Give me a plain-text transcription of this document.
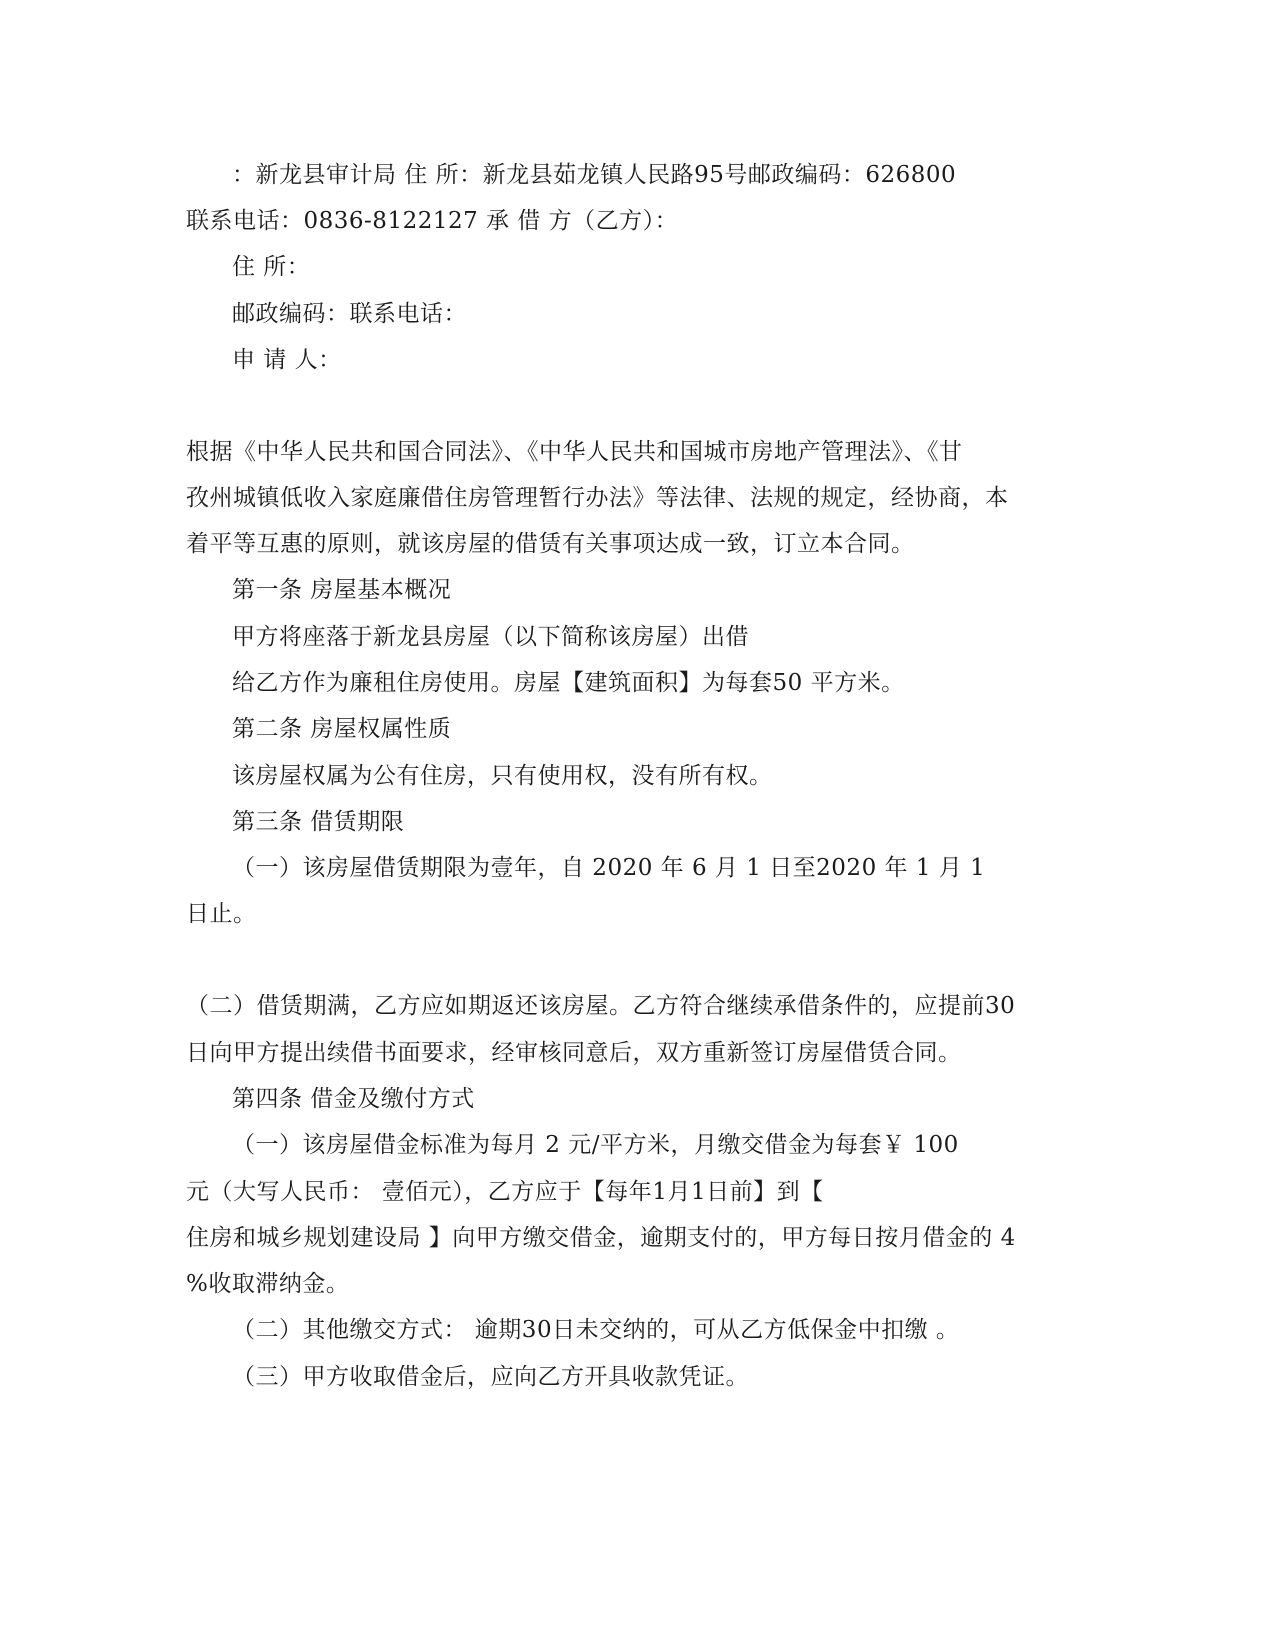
：新龙县审计局 住 所：新龙县茹龙镇人民路95号邮政编码：626800
联系电话：0836-8122127 承 借 方（乙方）：
住 所：
邮政编码：联系电话：
申 请 人：
根据《中华人民共和国合同法》、《中华人民共和国城市房地产管理法》、《甘
孜州城镇低收入家庭廉借住房管理暂行办法》等法律、法规的规定，经协商，本
着平等互惠的原则，就该房屋的借赁有关事项达成一致，订立本合同。
第一条 房屋基本概况
甲方将座落于新龙县房屋（以下简称该房屋）出借
给乙方作为廉租住房使用。房屋【建筑面积】为每套50 平方米。
第二条 房屋权属性质
该房屋权属为公有住房，只有使用权，没有所有权。
第三条 借赁期限
（一）该房屋借赁期限为壹年，自 2020 年 6 月 1 日至2020 年 1 月 1
日止。
（二）借赁期满，乙方应如期返还该房屋。乙方符合继续承借条件的，应提前30
日向甲方提出续借书面要求，经审核同意后，双方重新签订房屋借赁合同。
第四条 借金及缴付方式
（一）该房屋借金标准为每月 2 元/平方米，月缴交借金为每套￥ 100
元（大写人民币： 壹佰元），乙方应于【每年1月1日前】到【
住房和城乡规划建设局 】向甲方缴交借金，逾期支付的，甲方每日按月借金的 4
%收取滞纳金。
（二）其他缴交方式： 逾期30日未交纳的，可从乙方低保金中扣缴 。
（三）甲方收取借金后，应向乙方开具收款凭证。
